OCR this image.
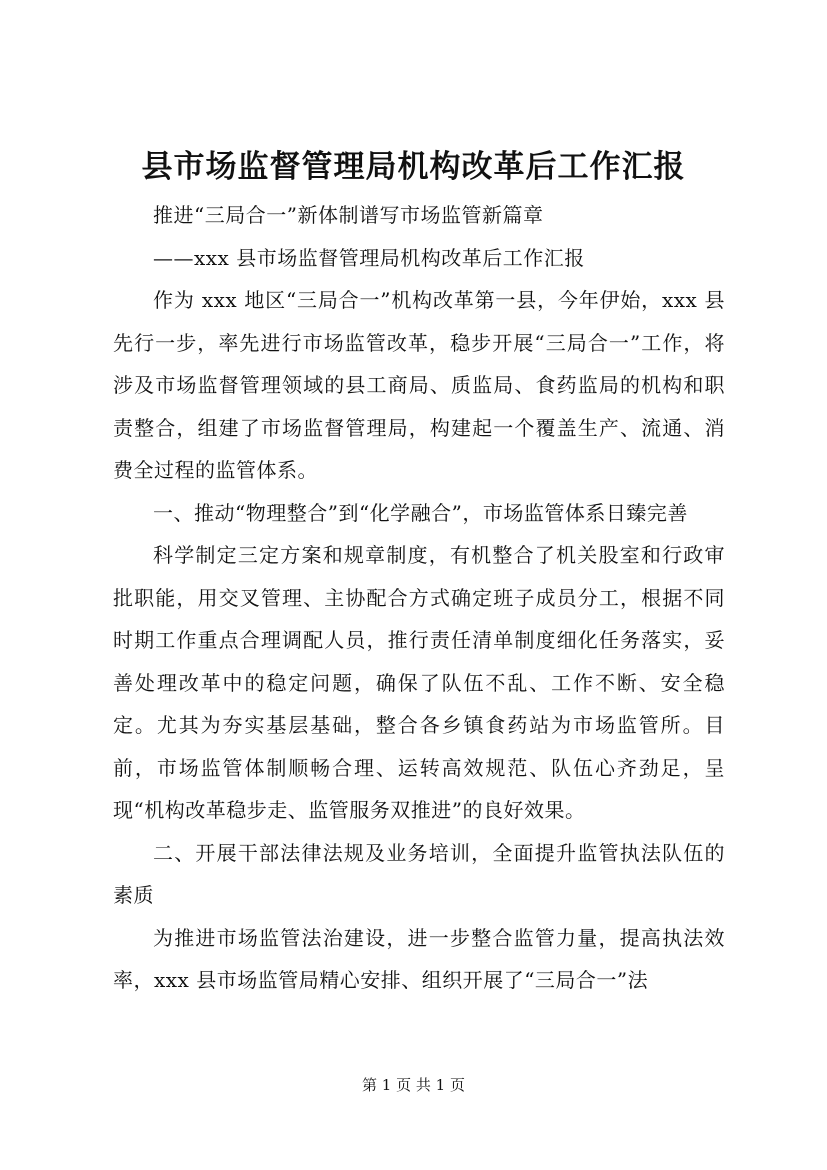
县市场监督管理局机构改革后工作汇报

推进“三局合一”新体制谱写市场监管新篇章

——xxx 县市场监督管理局机构改革后工作汇报

作为 xxx 地区“三局合一”机构改革第一县，今年伊始，xxx 县先行一步，率先进行市场监管改革，稳步开展“三局合一”工作，将涉及市场监督管理领域的县工商局、质监局、食药监局的机构和职责整合，组建了市场监督管理局，构建起一个覆盖生产、流通、消费全过程的监管体系。

一、推动“物理整合”到“化学融合”，市场监管体系日臻完善

科学制定三定方案和规章制度，有机整合了机关股室和行政审批职能，用交叉管理、主协配合方式确定班子成员分工，根据不同时期工作重点合理调配人员，推行责任清单制度细化任务落实，妥善处理改革中的稳定问题，确保了队伍不乱、工作不断、安全稳定。尤其为夯实基层基础，整合各乡镇食药站为市场监管所。目前，市场监管体制顺畅合理、运转高效规范、队伍心齐劲足，呈现“机构改革稳步走、监管服务双推进”的良好效果。

二、开展干部法律法规及业务培训，全面提升监管执法队伍的素质

为推进市场监管法治建设，进一步整合监管力量，提高执法效率，xxx 县市场监管局精心安排、组织开展了“三局合一”法

第 1 页 共 1 页
